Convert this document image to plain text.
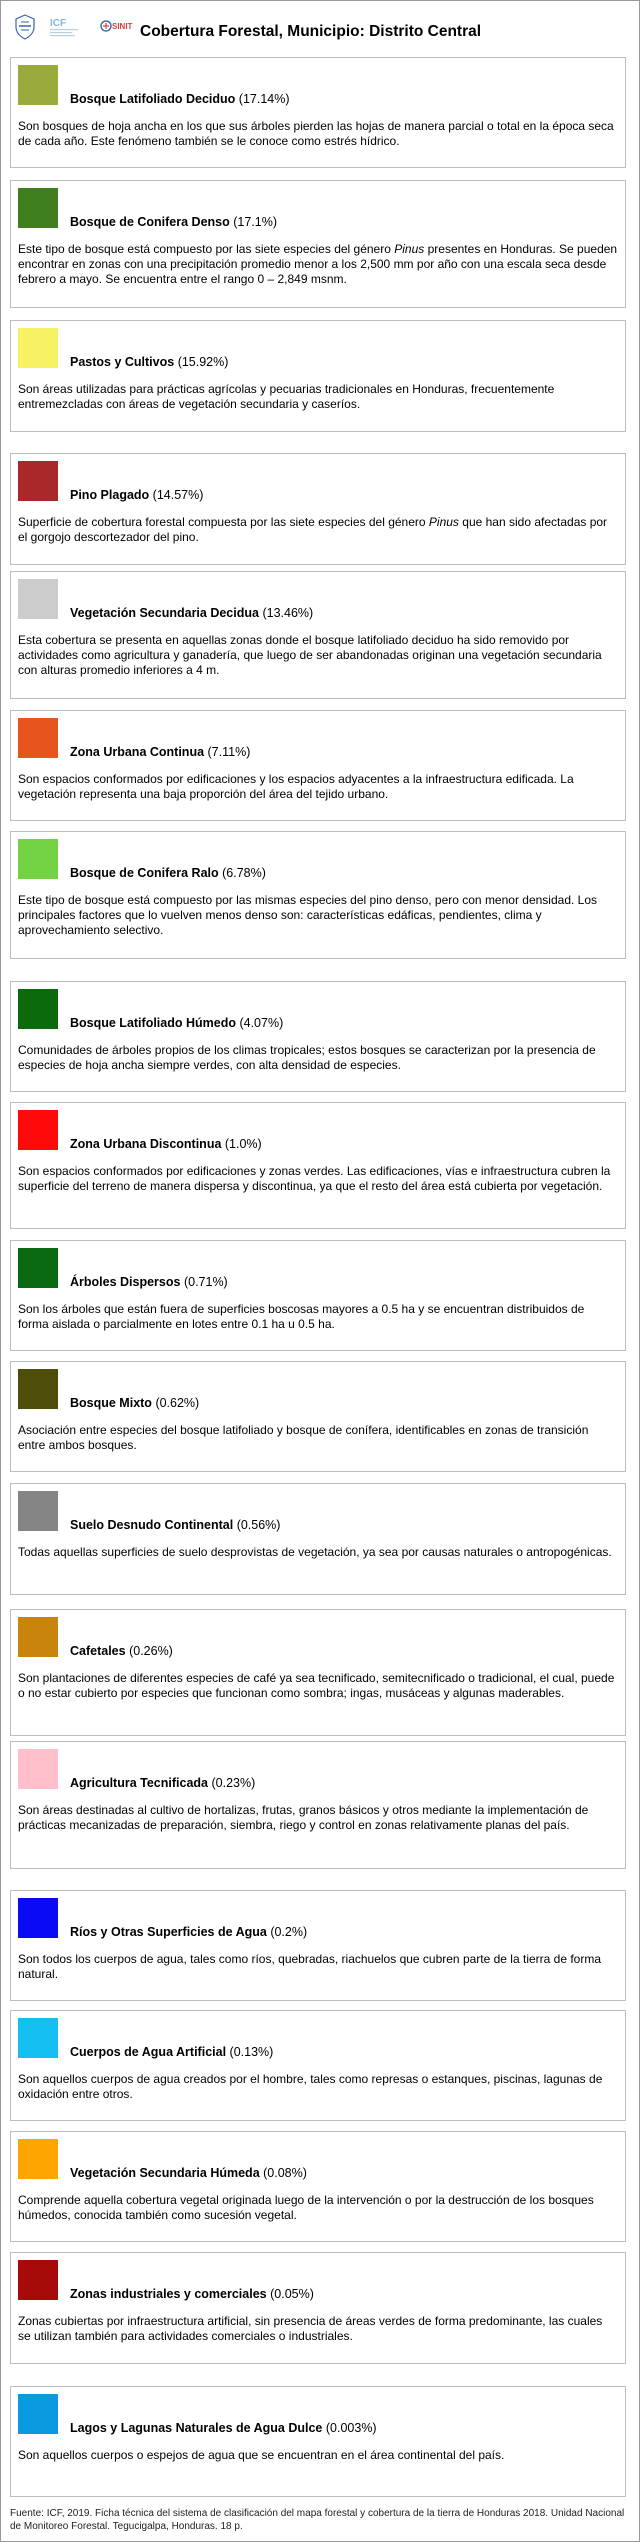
ICF	SINIT Cobertura Forestal, Municipio: Distrito Central
Bosque Latifoliado Deciduo (17.14%)
Son bosques de hoja ancha en los que sus árboles pierden las hojas de manera parcial o total en la época seca de cada año. Este fenómeno también se le conoce como estrés hídrico.
Bosque de Conifera Denso (17.1%)
Este tipo de bosque está compuesto por las siete especies del género Pinus presentes en Honduras. Se pueden encontrar en zonas con una precipitación promedio menor a los 2,500 mm por año con una escala seca desde febrero a mayo. Se encuentra entre el rango 0 – 2,849 msnm.
Pastos y Cultivos (15.92%)
Son áreas utilizadas para prácticas agrícolas y pecuarias tradicionales en Honduras, frecuentemente entremezcladas con áreas de vegetación secundaria y caseríos.
Pino Plagado (14.57%)
Superficie de cobertura forestal compuesta por las siete especies del género Pinus que han sido afectadas por el gorgojo descortezador del pino.
Vegetación Secundaria Decidua (13.46%)
Esta cobertura se presenta en aquellas zonas donde el bosque latifoliado deciduo ha sido removido por actividades como agricultura y ganadería, que luego de ser abandonadas originan una vegetación secundaria con alturas promedio inferiores a 4 m.
Zona Urbana Continua (7.11%)
Son espacios conformados por edificaciones y los espacios adyacentes a la infraestructura edificada. La vegetación representa una baja proporción del área del tejido urbano.
Bosque de Conifera Ralo (6.78%)
Este tipo de bosque está compuesto por las mismas especies del pino denso, pero con menor densidad. Los principales factores que lo vuelven menos denso son: características edáficas, pendientes, clima y aprovechamiento selectivo.
Bosque Latifoliado Húmedo (4.07%)
Comunidades de árboles propios de los climas tropicales; estos bosques se caracterizan por la presencia de especies de hoja ancha siempre verdes, con alta densidad de especies.
Zona Urbana Discontinua (1.0%)
Son espacios conformados por edificaciones y zonas verdes. Las edificaciones, vías e infraestructura cubren la superficie del terreno de manera dispersa y discontinua, ya que el resto del área está cubierta por vegetación.
Árboles Dispersos (0.71%)
Son los árboles que están fuera de superficies boscosas mayores a 0.5 ha y se encuentran distribuidos de forma aislada o parcialmente en lotes entre 0.1 ha u 0.5 ha.
Bosque Mixto (0.62%)
Asociación entre especies del bosque latifoliado y bosque de conífera, identificables en zonas de transición entre ambos bosques.
Suelo Desnudo Continental (0.56%)
Todas aquellas superficies de suelo desprovistas de vegetación, ya sea por causas naturales o antropogénicas.
Cafetales (0.26%)
Son plantaciones de diferentes especies de café ya sea tecnificado, semitecnificado o tradicional, el cual, puede o no estar cubierto por especies que funcionan como sombra; ingas, musáceas y algunas maderables.
Agricultura Tecnificada (0.23%)
Son áreas destinadas al cultivo de hortalizas, frutas, granos básicos y otros mediante la implementación de prácticas mecanizadas de preparación, siembra, riego y control en zonas relativamente planas del país.
Ríos y Otras Superficies de Agua (0.2%)
Son todos los cuerpos de agua, tales como ríos, quebradas, riachuelos que cubren parte de la tierra de forma natural.
Cuerpos de Agua Artificial (0.13%)
Son aquellos cuerpos de agua creados por el hombre, tales como represas o estanques, piscinas, lagunas de oxidación entre otros.
Vegetación Secundaria Húmeda (0.08%)
Comprende aquella cobertura vegetal originada luego de la intervención o por la destrucción de los bosques húmedos, conocida también como sucesión vegetal.
Zonas industriales y comerciales (0.05%)
Zonas cubiertas por infraestructura artificial, sin presencia de áreas verdes de forma predominante, las cuales se utilizan también para actividades comerciales o industriales.
Lagos y Lagunas Naturales de Agua Dulce (0.003%)
Son aquellos cuerpos o espejos de agua que se encuentran en el área continental del país.
Fuente: ICF, 2019. Ficha técnica del sistema de clasificación del mapa forestal y cobertura de la tierra de Honduras 2018. Unidad Nacional de Monitoreo Forestal. Tegucigalpa, Honduras. 18 p.
